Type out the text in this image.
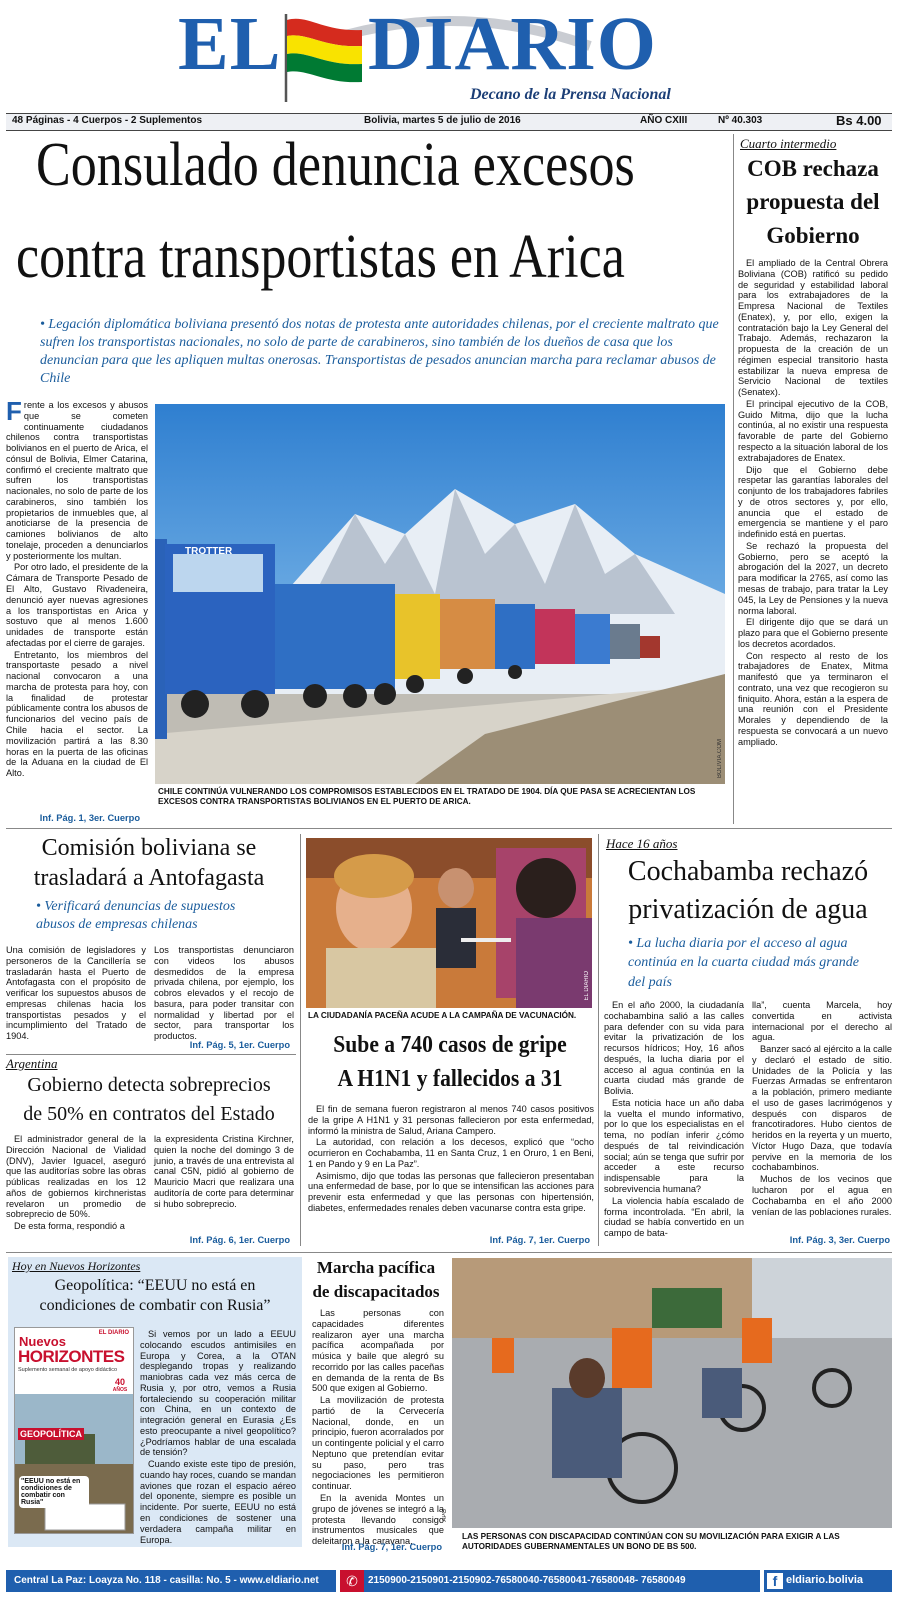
EL DIARIO
Decano de la Prensa Nacional
48 Páginas - 4 Cuerpos - 2 Suplementos	Bolivia, martes 5 de julio de 2016	AÑO CXIII	Nº 40.303	Bs 4.00
Consulado denuncia excesos
contra transportistas en Arica
• Legación diplomática boliviana presentó dos notas de protesta ante autoridades chilenas, por el creciente maltrato que sufren los transportistas nacionales, no solo de parte de carabineros, sino también de los dueños de casa que los denuncian para que les apliquen multas onerosas. Transportistas de pesados anuncian marcha para reclamar abusos de Chile

Frente a los excesos y abusos que se cometen continuamente ciudadanos chilenos contra transportistas bolivianos en el puerto de Arica, el cónsul de Bolivia, Elmer Catarina, confirmó el creciente maltrato que sufren los transportistas nacionales, no solo de parte de los carabineros, sino también los propietarios de inmuebles que, al anoticiarse de la presencia de camiones bolivianos de alto tonelaje, proceden a denunciarlos y posteriormente los multan.

Por otro lado, el presidente de la Cámara de Transporte Pesado de El Alto, Gustavo Rivadeneira, denunció ayer nuevas agresiones a los transportistas en Arica y sostuvo que al menos 1.600 unidades de transporte están afectadas por el cierre de garajes.

Entretanto, los miembros del transportaste pesado a nivel nacional convocaron a una marcha de protesta para hoy, con la finalidad de protestar públicamente contra los abusos de funcionarios del vecino país de Chile hacia el sector. La movilización partirá a las 8.30 horas en la puerta de las oficinas de la Aduana en la ciudad de El Alto.

Inf. Pág. 1, 3er. Cuerpo
TROTTER
BOLIVIA.COM
CHILE CONTINÚA VULNERANDO LOS COMPROMISOS ESTABLECIDOS EN EL TRATADO DE 1904. DÍA QUE PASA SE ACRECIENTAN LOS EXCESOS CONTRA TRANSPORTISTAS BOLIVIANOS EN EL PUERTO DE ARICA.
Cuarto intermedio
COB rechaza propuesta del Gobierno

El ampliado de la Central Obrera Boliviana (COB) ratificó su pedido de seguridad y estabilidad laboral para los extrabajadores de la Empresa Nacional de Textiles (Enatex), y, por ello, exigen la contratación bajo la Ley General del Trabajo. Además, rechazaron la propuesta de la creación de un régimen especial transitorio hasta estabilizar la nueva empresa de Servicio Nacional de textiles (Senatex).

El principal ejecutivo de la COB, Guido Mitma, dijo que la lucha continúa, al no existir una respuesta favorable de parte del Gobierno respecto a la situación laboral de los extrabajadores de Enatex.

Dijo que el Gobierno debe respetar las garantías laborales del conjunto de los trabajadores fabriles y de otros sectores y, por ello, anuncia que el estado de emergencia se mantiene y el paro indefinido está en puertas.

Se rechazó la propuesta del Gobierno, pero se aceptó la abrogación del la 2027, un decreto para modificar la 2765, así como las mesas de trabajo, para tratar la Ley 045, la Ley de Pensiones y la nueva norma laboral.

El dirigente dijo que se dará un plazo para que el Gobierno presente los decretos acordados.

Con respecto al resto de los trabajadores de Enatex, Mitma manifestó que ya terminaron el contrato, una vez que recogieron su finiquito. Ahora, están a la espera de una reunión con el Presidente Morales y dependiendo de la respuesta se convocará a un nuevo ampliado.

Comisión boliviana se
trasladará a Antofagasta
• Verificará denuncias de supuestos abusos de empresas chilenas
Una comisión de legisladores y personeros de la Cancillería se trasladarán hasta el Puerto de Antofagasta con el propósito de verificar los supuestos abusos de empresas chilenas hacia los transportistas pesados y el incumplimiento del Tratado de 1904.
Los transportistas denunciaron con videos los abusos desmedidos de la empresa privada chilena, por ejemplo, los cobros elevados y el recojo de basura, para poder transitar con normalidad y libertad por el sector, para transportar los productos.
Inf. Pág. 5, 1er. Cuerpo
Argentina
Gobierno detecta sobreprecios
de 50% en contratos del Estado

El administrador general de la Dirección Nacional de Vialidad (DNV), Javier Iguacel, aseguró que las auditorías sobre las obras públicas realizadas en los 12 años de gobiernos kirchneristas revelaron un promedio de sobreprecio de 50%.

De esta forma, respondió a

la expresidenta Cristina Kirchner, quien la noche del domingo 3 de junio, a través de una entrevista al canal C5N, pidió al gobierno de Mauricio Macri que realizara una auditoría de corte para determinar si hubo sobreprecio.
Inf. Pág. 6, 1er. Cuerpo
EL DIARIO
LA CIUDADANÍA PACEÑA ACUDE A LA CAMPAÑA DE VACUNACIÓN.
Sube a 740 casos de gripe
A H1N1 y fallecidos a 31

El fin de semana fueron registraron al menos 740 casos positivos de la gripe A H1N1 y 31 personas fallecieron por esta enfermedad, informó la ministra de Salud, Ariana Campero.

La autoridad, con relación a los decesos, explicó que “ocho ocurrieron en Cochabamba, 11 en Santa Cruz, 1 en Oruro, 1 en Beni, 1 en Pando y 9 en La Paz”.

Asimismo, dijo que todas las personas que fallecieron presentaban una enfermedad de base, por lo que se intensifican las acciones para prevenir esta enfermedad y que las personas con hipertensión, diabetes, enfermedades renales deben vacunarse contra esta gripe.

Inf. Pág. 7, 1er. Cuerpo
Hace 16 años
Cochabamba rechazó
privatización de agua
• La lucha diaria por el acceso al agua continúa en la cuarta ciudad más grande del país

En el año 2000, la ciudadanía cochabambina salió a las calles para defender con su vida para evitar la privatización de los recursos hídricos; Hoy, 16 años después, la lucha diaria por el acceso al agua continúa en la cuarta ciudad más grande de Bolivia.

Esta noticia hace un año daba la vuelta el mundo informativo, por lo que los especialistas en el tema, no podían inferir ¿cómo después de tal reivindicación social; aún se tenga que sufrir por acceder a este recurso indispensable para la sobrevivencia humana?

La violencia había escalado de forma incontrolada. “En abril, la ciudad se había convertido en un campo de bata-

lla”, cuenta Marcela, hoy convertida en activista internacional por el derecho al agua.

Banzer sacó al ejército a la calle y declaró el estado de sitio. Unidades de la Policía y las Fuerzas Armadas se enfrentaron a la población, primero mediante el uso de gases lacrimógenos y después con disparos de francotiradores. Hubo cientos de heridos en la reyerta y un muerto, Víctor Hugo Daza, que todavía pervive en la memoria de los cochabambinos.

Muchos de los vecinos que lucharon por el agua en Cochabamba en el año 2000 venían de las poblaciones rurales.

Inf. Pág. 3, 3er. Cuerpo
Hoy en Nuevos Horizontes
Geopolítica: “EEUU no está en
condiciones de combatir con Rusia”
EL DIARIO
Nuevos
HORIZONTES
Suplemento semanal de apoyo didáctico
40
AÑOS
GEOPOLÍTICA
"EEUU no está en condiciones de combatir con Rusia"

Si vemos por un lado a EEUU colocando escudos antimisiles en Europa y Corea, a la OTAN desplegando tropas y realizando maniobras cada vez más cerca de Rusia y, por otro, vemos a Rusia fortaleciendo su cooperación militar con China, en un contexto de integración general en Eurasia ¿Es esto preocupante a nivel geopolítico? ¿Podríamos hablar de una escalada de tensión?

Cuando existe este tipo de presión, cuando hay roces, cuando se mandan aviones que rozan el espacio aéreo del oponente, siempre es posible un incidente. Por suerte, EEUU no está en condiciones de sostener una verdadera campaña militar en Europa.

Marcha pacífica
de discapacitados

Las personas con capacidades diferentes realizaron ayer una marcha pacífica acompañada por música y baile que alegró su recorrido por las calles paceñas en demanda de la renta de Bs 500 que exigen al Gobierno.

La movilización de protesta partió de la Cervecería Nacional, donde, en un principio, fueron acorralados por un contingente policial y el carro Neptuno que pretendían evitar su paso, pero tras negociaciones les permitieron continuar.

En la avenida Montes un grupo de jóvenes se integró a la protesta llevando consigo instrumentos musicales que deleitaron a la caravana.

Inf. Pág. 7, 1er. Cuerpo
APG
LAS PERSONAS CON DISCAPACIDAD CONTINÚAN CON SU MOVILIZACIÓN PARA EXIGIR A LAS AUTORIDADES GUBERNAMENTALES UN BONO DE BS 500.
Central La Paz: Loayza No. 118 - casilla: No. 5 - www.eldiario.net	✆	2150900-2150901-2150902-76580040-76580041-76580048- 76580049	f eldiario.bolivia
